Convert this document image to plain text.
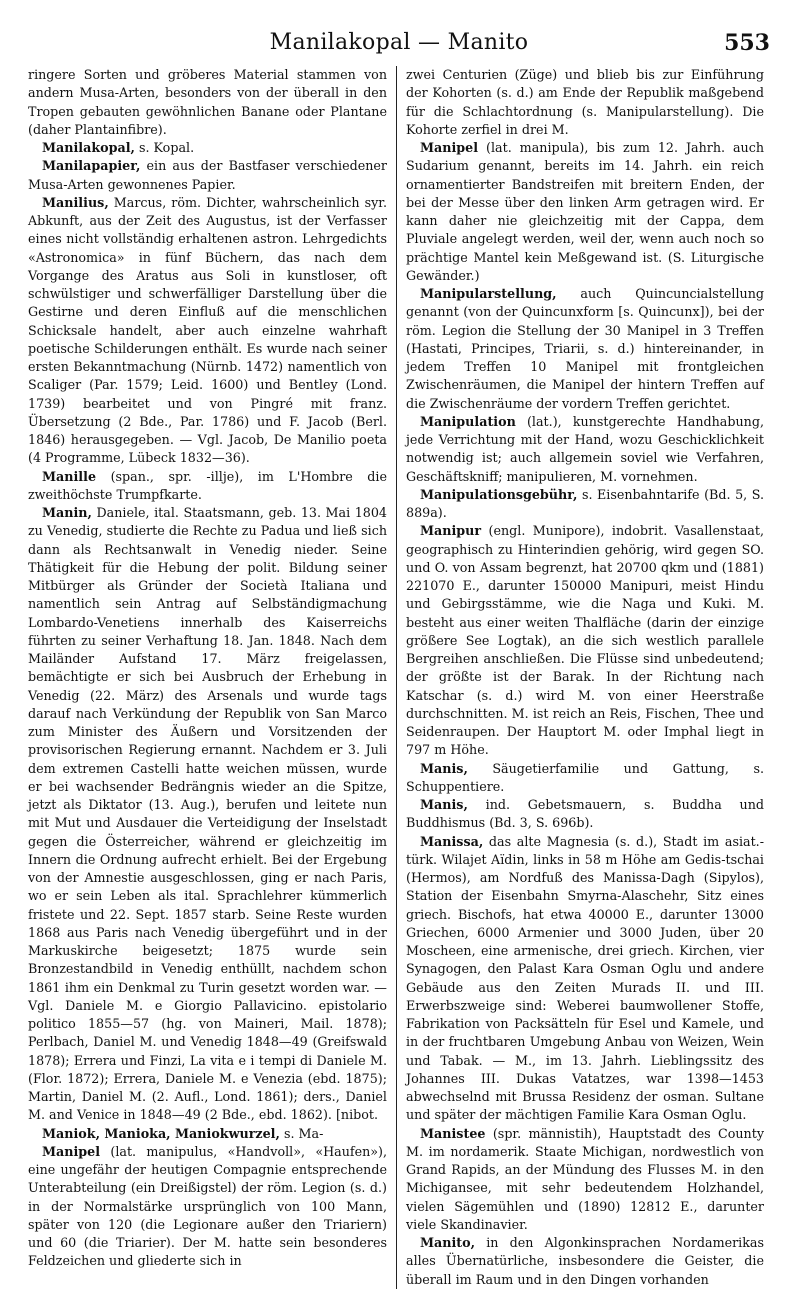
Manilakopal — Manito	553

ringere Sorten und gröberes Material stammen von andern Musa-Arten, besonders von der überall in den Tropen gebauten gewöhnlichen Banane oder Plantane (daher Plantainfibre).

Manilakopal, s. Kopal.

Manilapapier, ein aus der Bastfaser verschiedener Musa-Arten gewonnenes Papier.

Manilius, Marcus, röm. Dichter, wahrscheinlich syr. Abkunft, aus der Zeit des Augustus, ist der Verfasser eines nicht vollständig erhaltenen astron. Lehrgedichts «Astronomica» in fünf Büchern, das nach dem Vorgange des Aratus aus Soli in kunstloser, oft schwülstiger und schwerfälliger Darstellung über die Gestirne und deren Einfluß auf die menschlichen Schicksale handelt, aber auch einzelne wahrhaft poetische Schilderungen enthält. Es wurde nach seiner ersten Bekanntmachung (Nürnb. 1472) namentlich von Scaliger (Par. 1579; Leid. 1600) und Bentley (Lond. 1739) bearbeitet und von Pingré mit franz. Übersetzung (2 Bde., Par. 1786) und F. Jacob (Berl. 1846) herausgegeben. — Vgl. Jacob, De Manilio poeta (4 Programme, Lübeck 1832—36).

Manille (span., spr. -illje), im L'Hombre die zweithöchste Trumpfkarte.

Manin, Daniele, ital. Staatsmann, geb. 13. Mai 1804 zu Venedig, studierte die Rechte zu Padua und ließ sich dann als Rechtsanwalt in Venedig nieder. Seine Thätigkeit für die Hebung der polit. Bildung seiner Mitbürger als Gründer der Società Italiana und namentlich sein Antrag auf Selbständigmachung Lombardo-Venetiens innerhalb des Kaiserreichs führten zu seiner Verhaftung 18. Jan. 1848. Nach dem Mailänder Aufstand 17. März freigelassen, bemächtigte er sich bei Ausbruch der Erhebung in Venedig (22. März) des Arsenals und wurde tags darauf nach Verkündung der Republik von San Marco zum Minister des Äußern und Vorsitzenden der provisorischen Regierung ernannt. Nachdem er 3. Juli dem extremen Castelli hatte weichen müssen, wurde er bei wachsender Bedrängnis wieder an die Spitze, jetzt als Diktator (13. Aug.), berufen und leitete nun mit Mut und Ausdauer die Verteidigung der Inselstadt gegen die Österreicher, während er gleichzeitig im Innern die Ordnung aufrecht erhielt. Bei der Ergebung von der Amnestie ausgeschlossen, ging er nach Paris, wo er sein Leben als ital. Sprachlehrer kümmerlich fristete und 22. Sept. 1857 starb. Seine Reste wurden 1868 aus Paris nach Venedig übergeführt und in der Markuskirche beigesetzt; 1875 wurde sein Bronzestandbild in Venedig enthüllt, nachdem schon 1861 ihm ein Denkmal zu Turin gesetzt worden war. — Vgl. Daniele M. e Giorgio Pallavicino. epistolario politico 1855—57 (hg. von Maineri, Mail. 1878); Perlbach, Daniel M. und Venedig 1848—49 (Greifswald 1878); Errera und Finzi, La vita e i tempi di Daniele M. (Flor. 1872); Errera, Daniele M. e Venezia (ebd. 1875); Martin, Daniel M. (2. Aufl., Lond. 1861); ders., Daniel M. and Venice in 1848—49 (2 Bde., ebd. 1862). [nibot.

Maniok, Manioka, Maniokwurzel, s. Ma-

Manipel (lat. manipulus, «Handvoll», «Haufen»), eine ungefähr der heutigen Compagnie entsprechende Unterabteilung (ein Dreißigstel) der röm. Legion (s. d.) in der Normalstärke ursprünglich von 100 Mann, später von 120 (die Legionare außer den Triariern) und 60 (die Triarier). Der M. hatte sein besonderes Feldzeichen und gliederte sich in

zwei Centurien (Züge) und blieb bis zur Einführung der Kohorten (s. d.) am Ende der Republik maßgebend für die Schlachtordnung (s. Manipularstellung). Die Kohorte zerfiel in drei M.

Manipel (lat. manipula), bis zum 12. Jahrh. auch Sudarium genannt, bereits im 14. Jahrh. ein reich ornamentierter Bandstreifen mit breitern Enden, der bei der Messe über den linken Arm getragen wird. Er kann daher nie gleichzeitig mit der Cappa, dem Pluviale angelegt werden, weil der, wenn auch noch so prächtige Mantel kein Meßgewand ist. (S. Liturgische Gewänder.)

Manipularstellung, auch Quincuncialstellung genannt (von der Quincunxform [s. Quincunx]), bei der röm. Legion die Stellung der 30 Manipel in 3 Treffen (Hastati, Principes, Triarii, s. d.) hintereinander, in jedem Treffen 10 Manipel mit frontgleichen Zwischenräumen, die Manipel der hintern Treffen auf die Zwischenräume der vordern Treffen gerichtet.

Manipulation (lat.), kunstgerechte Handhabung, jede Verrichtung mit der Hand, wozu Geschicklichkeit notwendig ist; auch allgemein soviel wie Verfahren, Geschäftskniff; manipulieren, M. vornehmen.

Manipulationsgebühr, s. Eisenbahntarife (Bd. 5, S. 889a).

Manipur (engl. Munipore), indobrit. Vasallenstaat, geographisch zu Hinterindien gehörig, wird gegen SO. und O. von Assam begrenzt, hat 20700 qkm und (1881) 221070 E., darunter 150000 Manipuri, meist Hindu und Gebirgsstämme, wie die Naga und Kuki. M. besteht aus einer weiten Thalfläche (darin der einzige größere See Logtak), an die sich westlich parallele Bergreihen anschließen. Die Flüsse sind unbedeutend; der größte ist der Barak. In der Richtung nach Katschar (s. d.) wird M. von einer Heerstraße durchschnitten. M. ist reich an Reis, Fischen, Thee und Seidenraupen. Der Hauptort M. oder Imphal liegt in 797 m Höhe.

Manis, Säugetierfamilie und Gattung, s. Schuppentiere.

Manis, ind. Gebetsmauern, s. Buddha und Buddhismus (Bd. 3, S. 696b).

Manissa, das alte Magnesia (s. d.), Stadt im asiat.-türk. Wilajet Aïdin, links in 58 m Höhe am Gedis-tschai (Hermos), am Nordfuß des Manissa-Dagh (Sipylos), Station der Eisenbahn Smyrna-Alaschehr, Sitz eines griech. Bischofs, hat etwa 40000 E., darunter 13000 Griechen, 6000 Armenier und 3000 Juden, über 20 Moscheen, eine armenische, drei griech. Kirchen, vier Synagogen, den Palast Kara Osman Oglu und andere Gebäude aus den Zeiten Murads II. und III. Erwerbszweige sind: Weberei baumwollener Stoffe, Fabrikation von Packsätteln für Esel und Kamele, und in der fruchtbaren Umgebung Anbau von Weizen, Wein und Tabak. — M., im 13. Jahrh. Lieblingssitz des Johannes III. Dukas Vatatzes, war 1398—1453 abwechselnd mit Brussa Residenz der osman. Sultane und später der mächtigen Familie Kara Osman Oglu.

Manistee (spr. männistih), Hauptstadt des County M. im nordamerik. Staate Michigan, nordwestlich von Grand Rapids, an der Mündung des Flusses M. in den Michigansee, mit sehr bedeutendem Holzhandel, vielen Sägemühlen und (1890) 12812 E., darunter viele Skandinavier.

Manito, in den Algonkinsprachen Nordamerikas alles Übernatürliche, insbesondere die Geister, die überall im Raum und in den Dingen vorhanden
